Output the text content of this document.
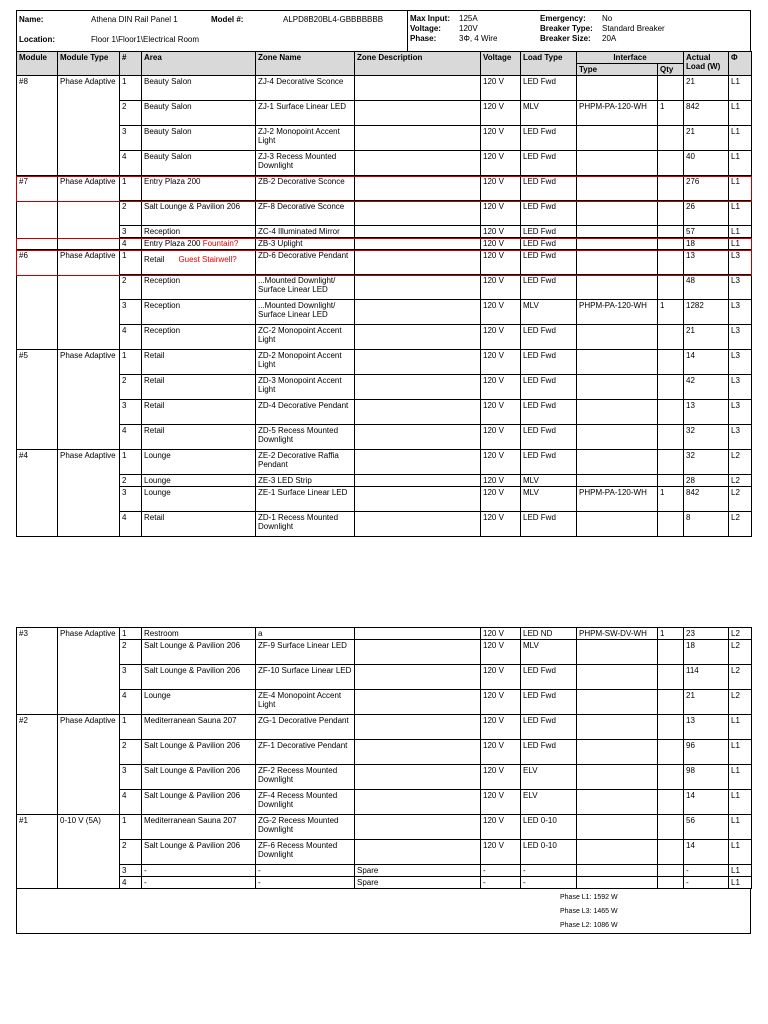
Name:	Athena DIN Rail Panel 1	Model #:	ALPD8B20BL4-GBBBBBBB
Location:	Floor 1\Floor1\Electrical Room
Max Input: 125A
Voltage: 120V
Phase:	3Φ, 4 Wire
Emergency: No
Breaker Type: Standard Breaker
Breaker Size: 20A
Module	Module Type	#	Area	Zone Name	Zone Description	Voltage	Load Type	Interface		Actual Load (W)	Φ
								Type	Qty		
#8	Phase Adaptive	1	Beauty Salon	ZJ-4 Decorative Sconce		120 V	LED Fwd			21	L1
		2	Beauty Salon	ZJ-1 Surface Linear LED		120 V	MLV	PHPM-PA-120-WH	1	842	L1
		3	Beauty Salon	ZJ-2 Monopoint Accent Light		120 V	LED Fwd			21	L1
		4	Beauty Salon	ZJ-3 Recess Mounted Downlight		120 V	LED Fwd			40	L1
#7	Phase Adaptive	1	Entry Plaza 200	ZB-2 Decorative Sconce		120 V	LED Fwd			276	L1
		2	Salt Lounge & Pavilion 206	ZF-8 Decorative Sconce		120 V	LED Fwd			26	L1
		3	Reception	ZC-4 Illuminated Mirror		120 V	LED Fwd			57	L1
		4	Entry Plaza 200 Fountain?	ZB-3 Uplight		120 V	LED Fwd			18	L1
#6	Phase Adaptive	1	Retail Guest Stairwell?	ZD-6 Decorative Pendant		120 V	LED Fwd			13	L3
		2	Reception	...Mounted Downlight/ Surface Linear LED		120 V	LED Fwd			48	L3
		3	Reception	...Mounted Downlight/ Surface Linear LED		120 V	MLV	PHPM-PA-120-WH	1	1282	L3
		4	Reception	ZC-2 Monopoint Accent Light		120 V	LED Fwd			21	L3
#5	Phase Adaptive	1	Retail	ZD-2 Monopoint Accent Light		120 V	LED Fwd			14	L3
		2	Retail	ZD-3 Monopoint Accent Light		120 V	LED Fwd			42	L3
		3	Retail	ZD-4 Decorative Pendant		120 V	LED Fwd			13	L3
		4	Retail	ZD-5 Recess Mounted Downlight		120 V	LED Fwd			32	L3
#4	Phase Adaptive	1	Lounge	ZE-2 Decorative Raffia Pendant		120 V	LED Fwd			32	L2
		2	Lounge	ZE-3 LED Strip		120 V	MLV			28	L2
		3	Lounge	ZE-1 Surface Linear LED		120 V	MLV	PHPM-PA-120-WH	1	842	L2
		4	Retail	ZD-1 Recess Mounted Downlight		120 V	LED Fwd			8	L2
#3	Phase Adaptive	1	Restroom	a		120 V	LED ND	PHPM-SW-DV-WH	1	23	L2
		2	Salt Lounge & Pavilion 206	ZF-9 Surface Linear LED		120 V	MLV			18	L2
		3	Salt Lounge & Pavilion 206	ZF-10 Surface Linear LED		120 V	LED Fwd			114	L2
		4	Lounge	ZE-4 Monopoint Accent Light		120 V	LED Fwd			21	L2
#2	Phase Adaptive	1	Mediterranean Sauna 207	ZG-1 Decorative Pendant		120 V	LED Fwd			13	L1
		2	Salt Lounge & Pavilion 206	ZF-1 Decorative Pendant		120 V	LED Fwd			96	L1
		3	Salt Lounge & Pavilion 206	ZF-2 Recess Mounted Downlight		120 V	ELV			98	L1
		4	Salt Lounge & Pavilion 206	ZF-4 Recess Mounted Downlight		120 V	ELV			14	L1
#1	0-10 V (5A)	1	Mediterranean Sauna 207	ZG-2 Recess Mounted Downlight		120 V	LED 0-10			56	L1
		2	Salt Lounge & Pavilion 206	ZF-6 Recess Mounted Downlight		120 V	LED 0-10			14	L1
		3	-	-	Spare	-	-			-	L1
		4	-	-	Spare	-	-			-	L1
Phase L1: 1592 W
Phase L3: 1465 W
Phase L2: 1086 W
